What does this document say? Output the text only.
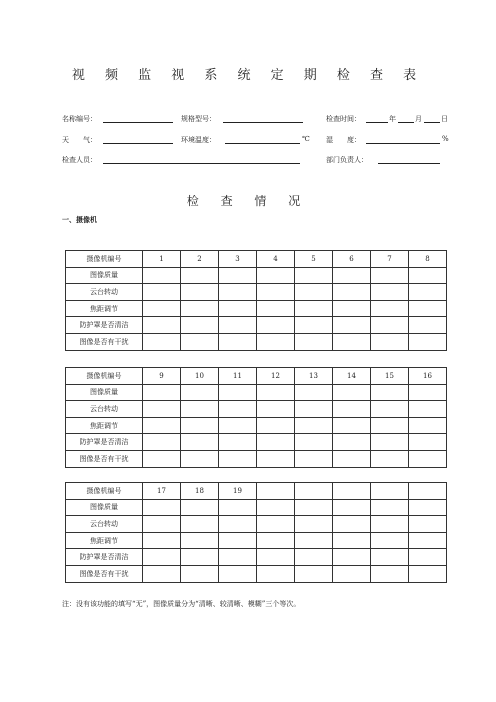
视 频 监 视 系 统 定 期 检 查 表
名称编号：	规格型号：	检查时间：	年	月	日
天　　气：	环境温度：	℃ 湿　　度：	%
检查人员：	部门负责人：
检 查 情 况
一、摄像机
摄像机编号	1	2	3	4	5	6	7	8
图像质量								
云台转动								
焦距调节								
防护罩是否清洁								
图像是否有干扰								
摄像机编号	9	10	11	12	13	14	15	16
图像质量								
云台转动								
焦距调节								
防护罩是否清洁								
图像是否有干扰								
摄像机编号	17	18	19					
图像质量								
云台转动								
焦距调节								
防护罩是否清洁								
图像是否有干扰								
注：没有该功能的填写“无”，图像质量分为“清晰、较清晰、模糊”三个等次。
